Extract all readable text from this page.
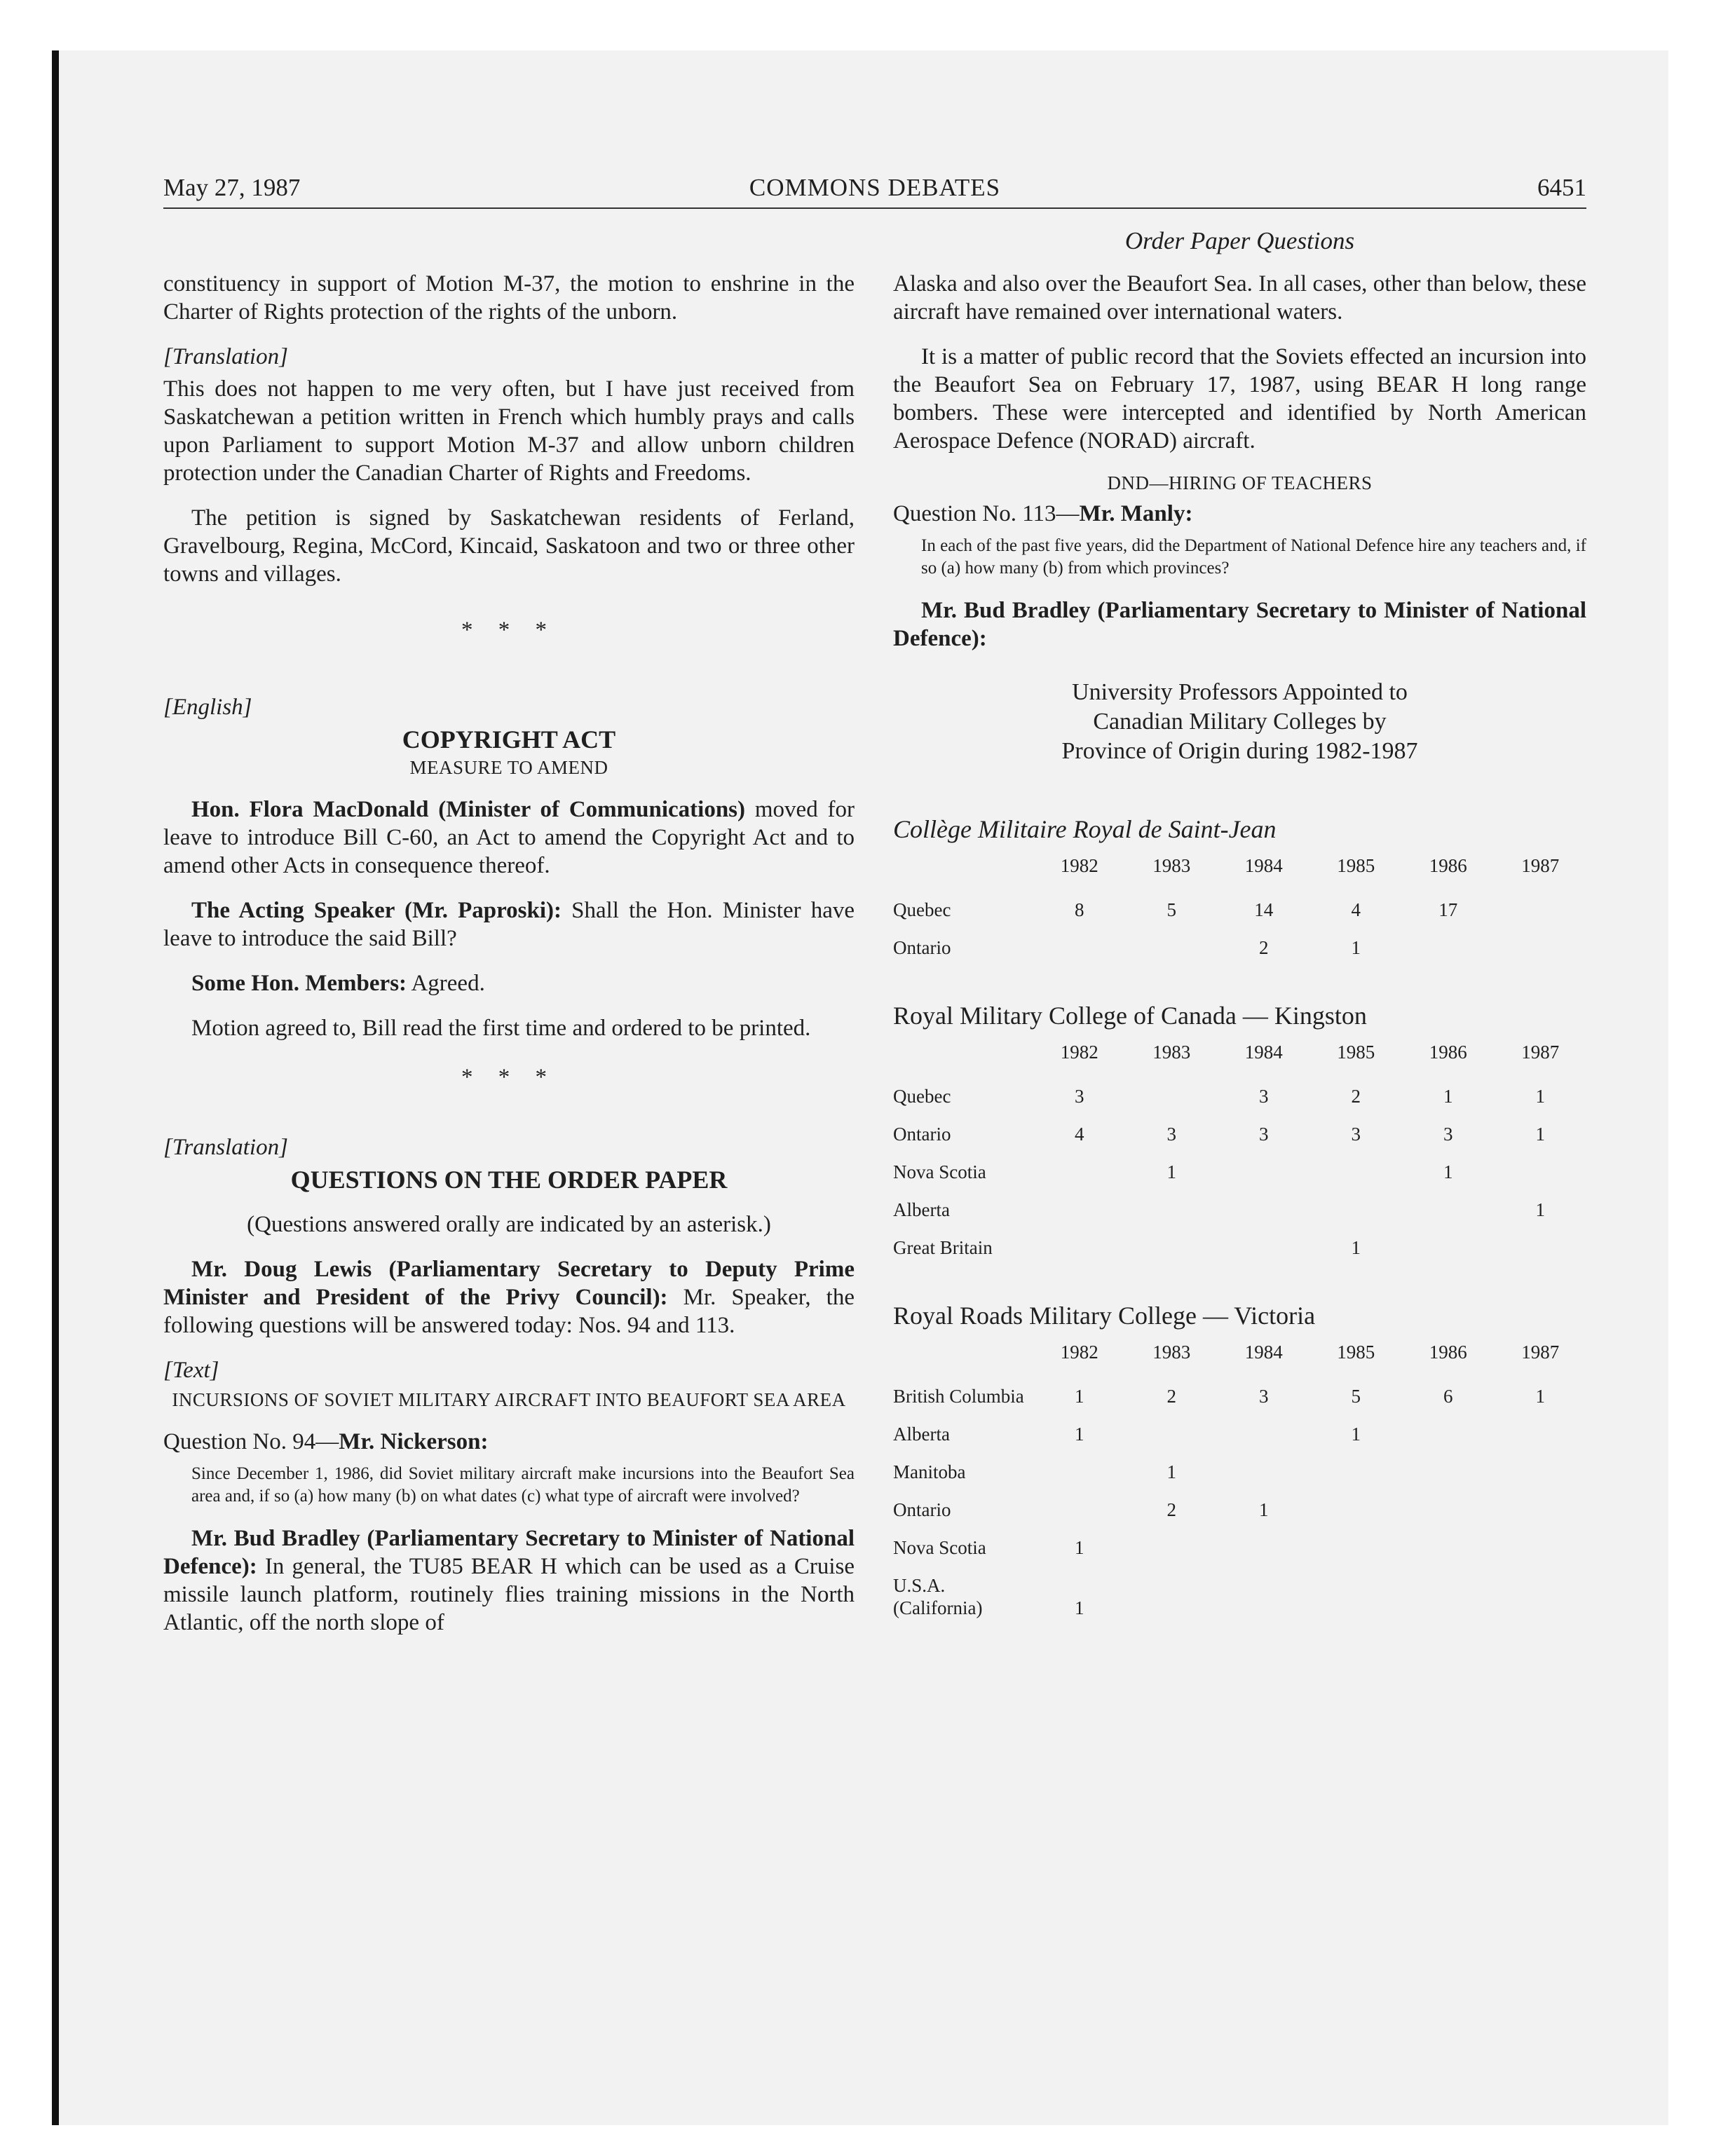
May 27, 1987	COMMONS DEBATES	6451
Order Paper Questions

constituency in support of Motion M-37, the motion to enshrine in the Charter of Rights protection of the rights of the unborn.

[Translation]

This does not happen to me very often, but I have just received from Saskatchewan a petition written in French which humbly prays and calls upon Parliament to support Motion M-37 and allow unborn children protection under the Canadian Charter of Rights and Freedoms.

The petition is signed by Saskatchewan residents of Ferland, Gravelbourg, Regina, McCord, Kincaid, Saskatoon and two or three other towns and villages.

* * *

[English]

COPYRIGHT ACT

MEASURE TO AMEND

Hon. Flora MacDonald (Minister of Communications) moved for leave to introduce Bill C-60, an Act to amend the Copyright Act and to amend other Acts in consequence thereof.

The Acting Speaker (Mr. Paproski): Shall the Hon. Minister have leave to introduce the said Bill?

Some Hon. Members: Agreed.

Motion agreed to, Bill read the first time and ordered to be printed.

* * *

[Translation]

QUESTIONS ON THE ORDER PAPER

(Questions answered orally are indicated by an asterisk.)

Mr. Doug Lewis (Parliamentary Secretary to Deputy Prime Minister and President of the Privy Council): Mr. Speaker, the following questions will be answered today: Nos. 94 and 113.

[Text]

INCURSIONS OF SOVIET MILITARY AIRCRAFT INTO BEAUFORT SEA AREA

Question No. 94—Mr. Nickerson:

Since December 1, 1986, did Soviet military aircraft make incursions into the Beaufort Sea area and, if so (a) how many (b) on what dates (c) what type of aircraft were involved?

Mr. Bud Bradley (Parliamentary Secretary to Minister of National Defence): In general, the TU85 BEAR H which can be used as a Cruise missile launch platform, routinely flies training missions in the North Atlantic, off the north slope of

Alaska and also over the Beaufort Sea. In all cases, other than below, these aircraft have remained over international waters.

It is a matter of public record that the Soviets effected an incursion into the Beaufort Sea on February 17, 1987, using BEAR H long range bombers. These were intercepted and identified by North American Aerospace Defence (NORAD) aircraft.

DND—HIRING OF TEACHERS

Question No. 113—Mr. Manly:

In each of the past five years, did the Department of National Defence hire any teachers and, if so (a) how many (b) from which provinces?

Mr. Bud Bradley (Parliamentary Secretary to Minister of National Defence):

University Professors Appointed to
Canadian Military Colleges by
Province of Origin during 1982-1987
Collège Militaire Royal de Saint-Jean
	1982	1983	1984	1985	1986	1987
Quebec	8	5	14	4	17	
Ontario			2	1		
Royal Military College of Canada — Kingston
	1982	1983	1984	1985	1986	1987
Quebec	3		3	2	1	1
Ontario	4	3	3	3	3	1
Nova Scotia		1			1	
Alberta						1
Great Britain				1		
Royal Roads Military College — Victoria
	1982	1983	1984	1985	1986	1987
British Columbia	1	2	3	5	6	1
Alberta	1			1		
Manitoba		1				
Ontario		2	1			
Nova Scotia	1					
U.S.A. (California)	1					
